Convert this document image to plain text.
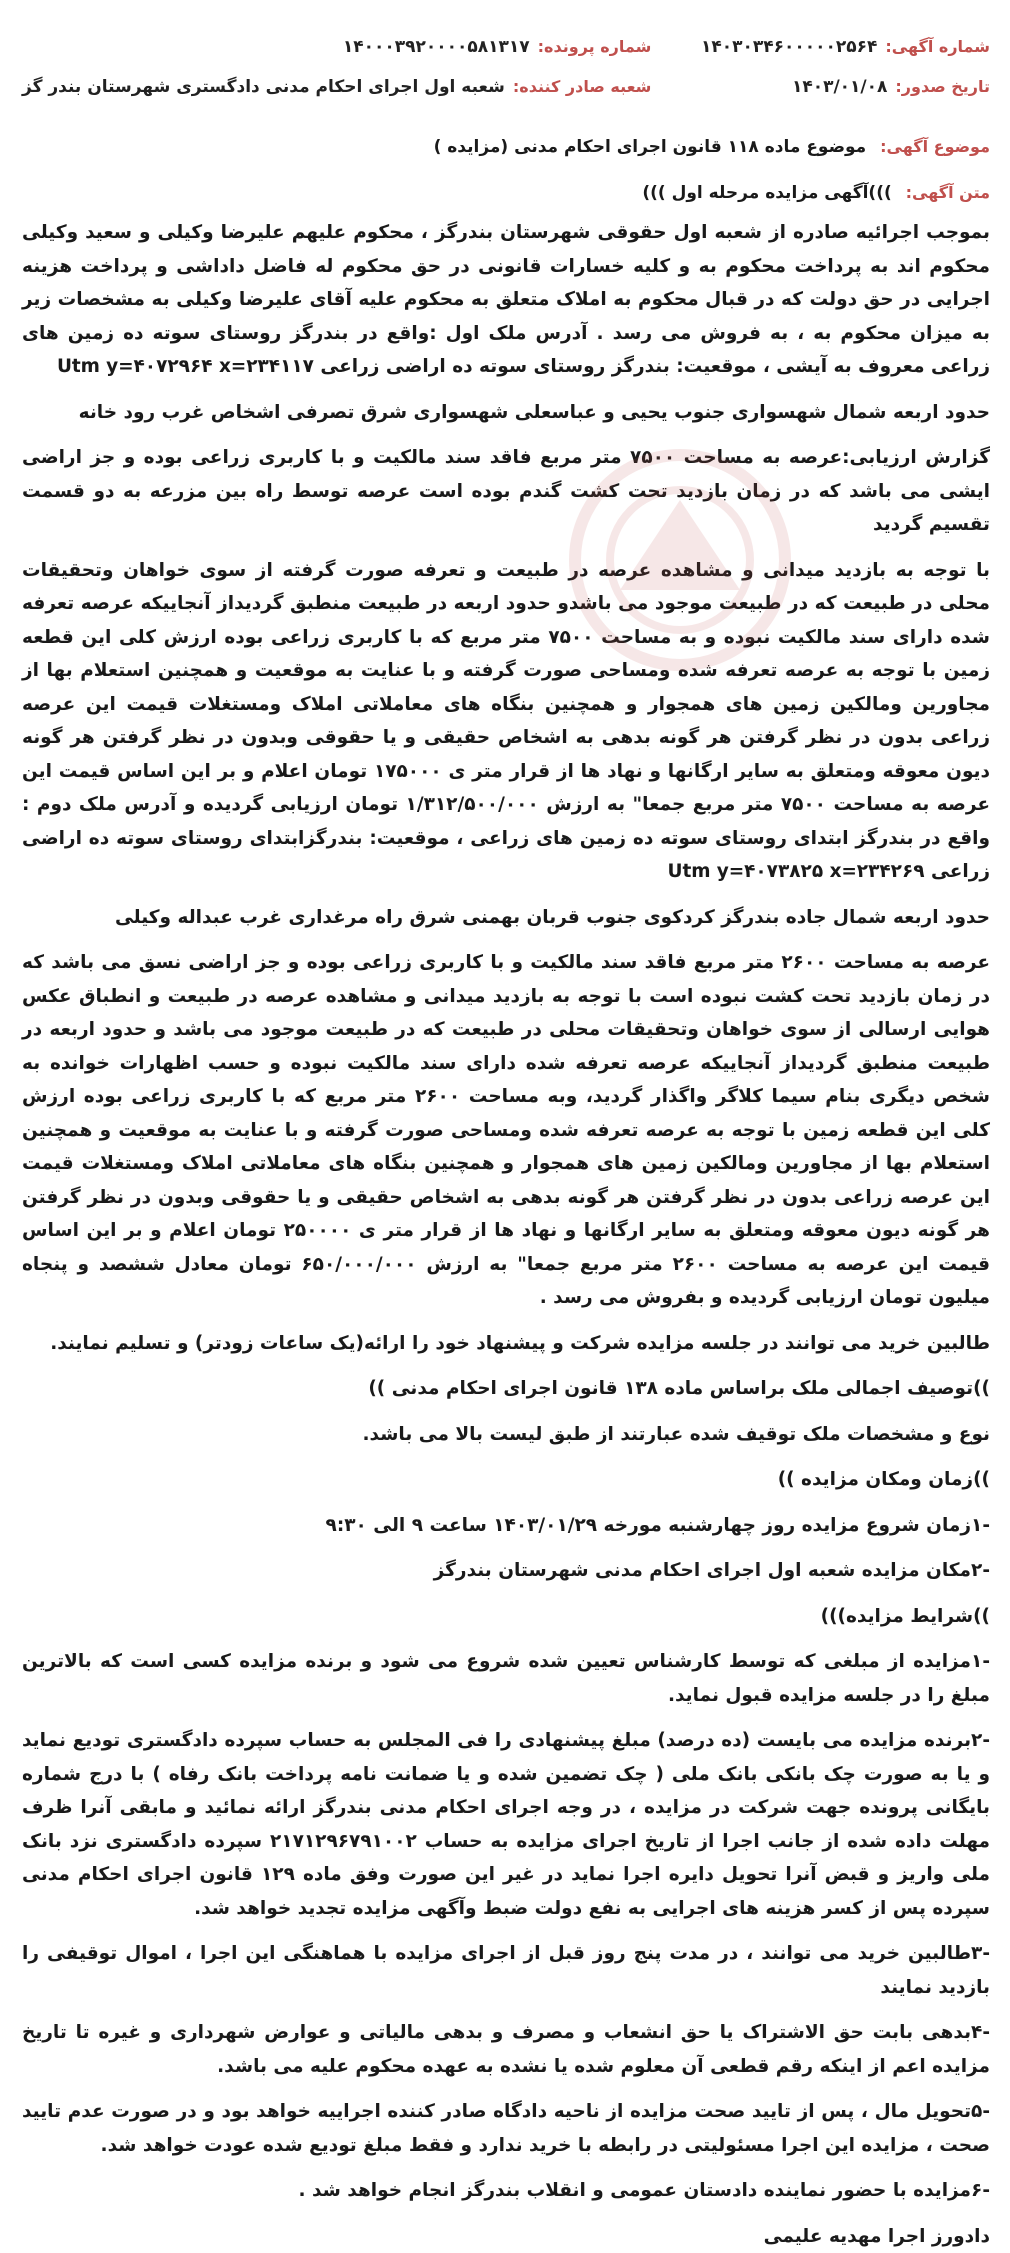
شماره آگهی:
۱۴۰۳۰۳۴۶۰۰۰۰۰۲۵۶۴
شماره پرونده:
۱۴۰۰۰۳۹۲۰۰۰۰۵۸۱۳۱۷
تاریخ صدور:
۱۴۰۳/۰۱/۰۸
شعبه صادر کننده:
شعبه اول اجرای احکام مدنی دادگستری شهرستان بندر گز
موضوع آگهی: موضوع ماده ۱۱۸ قانون اجرای احکام مدنی (مزایده )
متن آگهی: )))آگهی مزایده مرحله اول )))

بموجب اجرائیه صادره از شعبه اول حقوقی شهرستان بندرگز ، محکوم علیهم علیرضا وکیلی و سعید وکیلی محکوم اند به پرداخت محکوم به و کلیه خسارات قانونی در حق محکوم له فاضل داداشی و پرداخت هزینه اجرایی در حق دولت که در قبال محکوم به املاک متعلق به محکوم علیه آقای علیرضا وکیلی به مشخصات زیر به میزان محکوم به ، به فروش می رسد . آدرس ملک اول :واقع در بندرگز روستای سوته ده زمین های زراعی معروف به آیشی ، موقعیت: بندرگز روستای سوته ده اراضی زراعی Utm y=۴۰۷۲۹۶۴ x=۲۳۴۱۱۷

حدود اربعه شمال شهسواری جنوب یحیی و عباسعلی شهسواری شرق تصرفی اشخاص غرب رود خانه

گزارش ارزیابی:عرصه به مساحت ۷۵۰۰ متر مربع فاقد سند مالکیت و با کاربری زراعی بوده و جز اراضی ایشی می باشد که در زمان بازدید تحت کشت گندم بوده است عرصه توسط راه بین مزرعه به دو قسمت تقسیم گردید

با توجه به بازدید میدانی و مشاهده عرصه در طبیعت و تعرفه صورت گرفته از سوی خواهان وتحقیقات محلی در طبیعت که در طبیعت موجود می باشدو حدود اربعه در طبیعت منطبق گردیداز آنجاییکه عرصه تعرفه شده دارای سند مالکیت نبوده و به مساحت ۷۵۰۰ متر مربع که با کاربری زراعی بوده ارزش کلی این قطعه زمین با توجه به عرصه تعرفه شده ومساحی صورت گرفته و با عنایت به موقعیت و همچنین استعلام بها از مجاورین ومالکین زمین های همجوار و همچنین بنگاه های معاملاتی املاک ومستغلات قیمت این عرصه زراعی بدون در نظر گرفتن هر گونه بدهی به اشخاص حقیقی و یا حقوقی وبدون در نظر گرفتن هر گونه دیون معوقه ومتعلق به سایر ارگانها و نهاد ها از قرار متر ی ۱۷۵۰۰۰ تومان اعلام و بر این اساس قیمت این عرصه به مساحت ۷۵۰۰ متر مربع جمعا" به ارزش ۱/۳۱۲/۵۰۰/۰۰۰ تومان ارزیابی گردیده و آدرس ملک دوم : واقع در بندرگز ابتدای روستای سوته ده زمین های زراعی ، موقعیت: بندرگزابتدای روستای سوته ده اراضی زراعی Utm y=۴۰۷۳۸۲۵ x=۲۳۴۲۶۹

حدود اربعه شمال جاده بندرگز کردکوی جنوب قربان بهمنی شرق راه مرغداری غرب عبداله وکیلی

عرصه به مساحت ۲۶۰۰ متر مربع فاقد سند مالکیت و با کاربری زراعی بوده و جز اراضی نسق می باشد که در زمان بازدید تحت کشت نبوده است با توجه به بازدید میدانی و مشاهده عرصه در طبیعت و انطباق عکس هوایی ارسالی از سوی خواهان وتحقیقات محلی در طبیعت که در طبیعت موجود می باشد و حدود اربعه در طبیعت منطبق گردیداز آنجاییکه عرصه تعرفه شده دارای سند مالکیت نبوده و حسب اظهارات خوانده به شخص دیگری بنام سیما کلاگر واگذار گردید، وبه مساحت ۲۶۰۰ متر مربع که با کاربری زراعی بوده ارزش کلی این قطعه زمین با توجه به عرصه تعرفه شده ومساحی صورت گرفته و با عنایت به موقعیت و همچنین استعلام بها از مجاورین ومالکین زمین های همجوار و همچنین بنگاه های معاملاتی املاک ومستغلات قیمت این عرصه زراعی بدون در نظر گرفتن هر گونه بدهی به اشخاص حقیقی و یا حقوقی وبدون در نظر گرفتن هر گونه دیون معوقه ومتعلق به سایر ارگانها و نهاد ها از قرار متر ی ۲۵۰۰۰۰ تومان اعلام و بر این اساس قیمت این عرصه به مساحت ۲۶۰۰ متر مربع جمعا" به ارزش ۶۵۰/۰۰۰/۰۰۰ تومان معادل ششصد و پنجاه میلیون تومان ارزیابی گردیده و بفروش می رسد .

طالبین خرید می توانند در جلسه مزایده شرکت و پیشنهاد خود را ارائه(یک ساعات زودتر) و تسلیم نمایند.

))توصیف اجمالی ملک براساس ماده ۱۳۸ قانون اجرای احکام مدنی ))

نوع و مشخصات ملک توقیف شده عبارتند از طبق لیست بالا می باشد.

))زمان ومکان مزایده ))

-۱زمان شروع مزایده روز چهارشنبه مورخه ۱۴۰۳/۰۱/۲۹ ساعت ۹ الی ۹:۳۰

-۲مکان مزایده شعبه اول اجرای احکام مدنی شهرستان بندرگز

))شرایط مزایده)))

-۱مزایده از مبلغی که توسط کارشناس تعیین شده شروع می شود و برنده مزایده کسی است که بالاترین مبلغ را در جلسه مزایده قبول نماید.

-۲برنده مزایده می بایست (ده درصد) مبلغ پیشنهادی را فی المجلس به حساب سپرده دادگستری تودیع نماید و یا به صورت چک بانکی بانک ملی ( چک تضمین شده و یا ضمانت نامه پرداخت بانک رفاه ) با درج شماره بایگانی پرونده جهت شرکت در مزایده ، در وجه اجرای احکام مدنی بندرگز ارائه نمائید و مابقی آنرا ظرف مهلت داده شده از جانب اجرا از تاریخ اجرای مزایده به حساب ۲۱۷۱۲۹۶۷۹۱۰۰۲ سپرده دادگستری نزد بانک ملی واریز و قبض آنرا تحویل دایره اجرا نماید در غیر این صورت وفق ماده ۱۲۹ قانون اجرای احکام مدنی سپرده پس از کسر هزینه های اجرایی به نفع دولت ضبط وآگهی مزایده تجدید خواهد شد.

-۳طالبین خرید می توانند ، در مدت پنج روز قبل از اجرای مزایده با هماهنگی این اجرا ، اموال توقیفی را بازدید نمایند

-۴بدهی بابت حق الاشتراک یا حق انشعاب و مصرف و بدهی مالیاتی و عوارض شهرداری و غیره تا تاریخ مزایده اعم از اینکه رقم قطعی آن معلوم شده یا نشده به عهده محکوم علیه می باشد.

-۵تحویل مال ، پس از تایید صحت مزایده از ناحیه دادگاه صادر کننده اجراییه خواهد بود و در صورت عدم تایید صحت ، مزایده این اجرا مسئولیتی در رابطه با خرید ندارد و فقط مبلغ تودیع شده عودت خواهد شد.

-۶مزایده با حضور نماینده دادستان عمومی و انقلاب بندرگز انجام خواهد شد .

دادورز اجرا مهدیه علیمی
